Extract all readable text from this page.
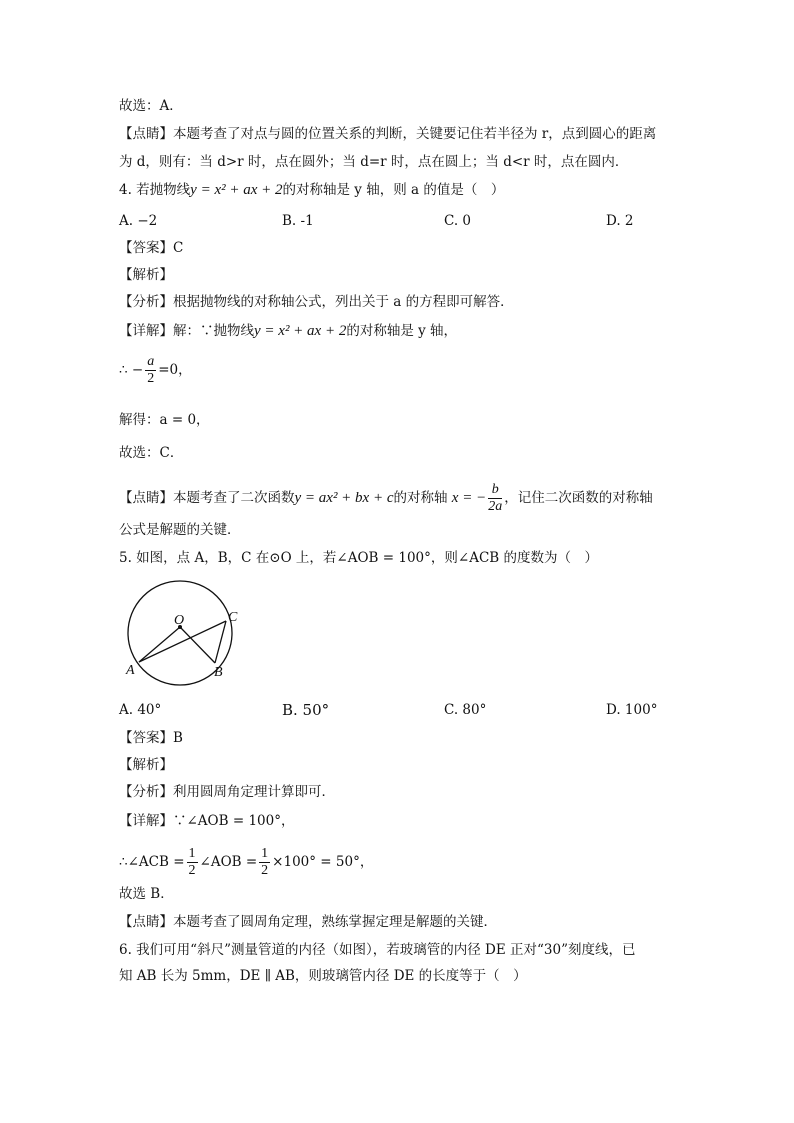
故选：A．
【点睛】本题考查了对点与圆的位置关系的判断，关键要记住若半径为 r，点到圆心的距离
为 d，则有：当 d>r 时，点在圆外；当 d=r 时，点在圆上；当 d<r 时，点在圆内．
4. 若抛物线y = x² + ax + 2的对称轴是 y 轴，则 a 的值是（　）
A. −2	B. -1	C. 0	D. 2
【答案】C
【解析】
【分析】根据抛物线的对称轴公式，列出关于 a 的方程即可解答．
【详解】解：∵抛物线y = x² + ax + 2的对称轴是 y 轴，
∴ − $\frac{a}{2} =0$，
解得：a = 0，
故选：C．
【点睛】本题考查了二次函数y = ax² + bx + c的对称轴 x = − $\frac{b}{2a}$ ，记住二次函数的对称轴
公式是解题的关键．
5. 如图，点 A，B，C 在⊙O 上，若∠AOB = 100°，则∠ACB 的度数为（　）
O	C
A	B
A. 40°	B. 50°	C. 80°	D. 100°
【答案】B
【解析】
【分析】利用圆周角定理计算即可．
【详解】∵∠AOB = 100°，
∴∠ACB = $\frac{1}{2}$ ∠AOB = $\frac{1}{2} \times 100^\circ = 50^\circ$，
故选 B．
【点睛】本题考查了圆周角定理，熟练掌握定理是解题的关键．
6. 我们可用“斜尺”测量管道的内径（如图），若玻璃管的内径 DE 正对“30”刻度线，已
知 AB 长为 5mm，DE ∥ AB，则玻璃管内径 DE 的长度等于（　）
